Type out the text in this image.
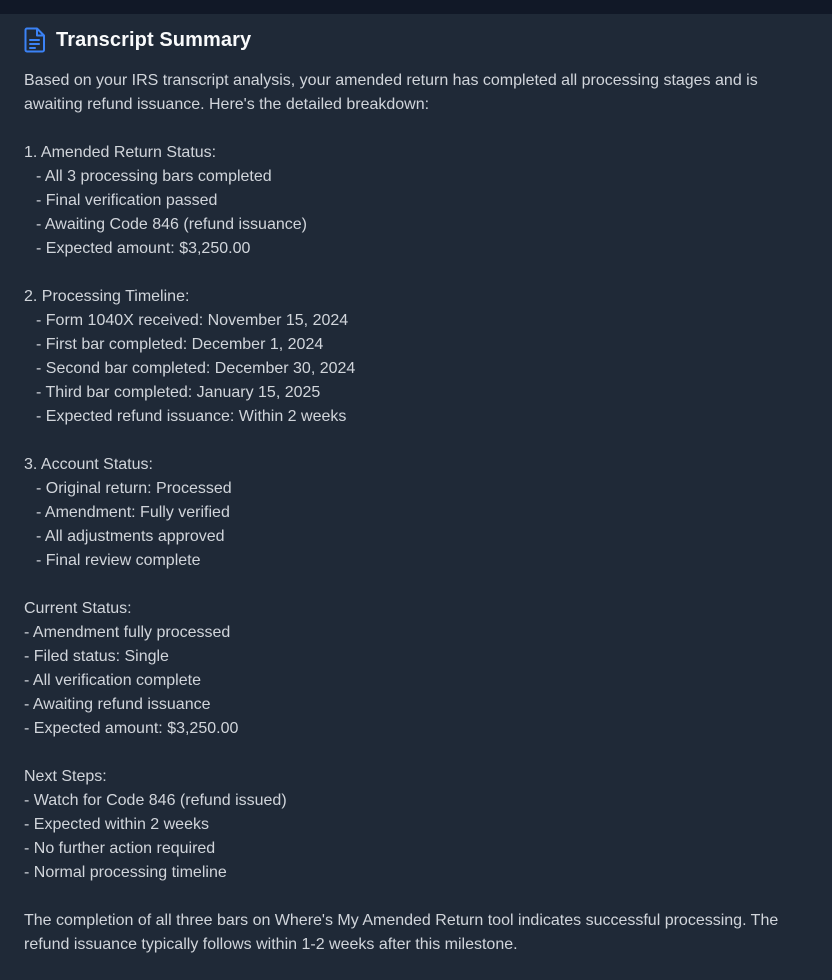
Transcript Summary

Based on your IRS transcript analysis, your amended return has completed all processing stages and is awaiting refund issuance. Here's the detailed breakdown:

1. Amended Return Status:

- All 3 processing bars completed

- Final verification passed

- Awaiting Code 846 (refund issuance)

- Expected amount: $3,250.00

2. Processing Timeline:

- Form 1040X received: November 15, 2024

- First bar completed: December 1, 2024

- Second bar completed: December 30, 2024

- Third bar completed: January 15, 2025

- Expected refund issuance: Within 2 weeks

3. Account Status:

- Original return: Processed

- Amendment: Fully verified

- All adjustments approved

- Final review complete

Current Status:

- Amendment fully processed

- Filed status: Single

- All verification complete

- Awaiting refund issuance

- Expected amount: $3,250.00

Next Steps:

- Watch for Code 846 (refund issued)

- Expected within 2 weeks

- No further action required

- Normal processing timeline

The completion of all three bars on Where's My Amended Return tool indicates successful processing. The refund issuance typically follows within 1-2 weeks after this milestone.
